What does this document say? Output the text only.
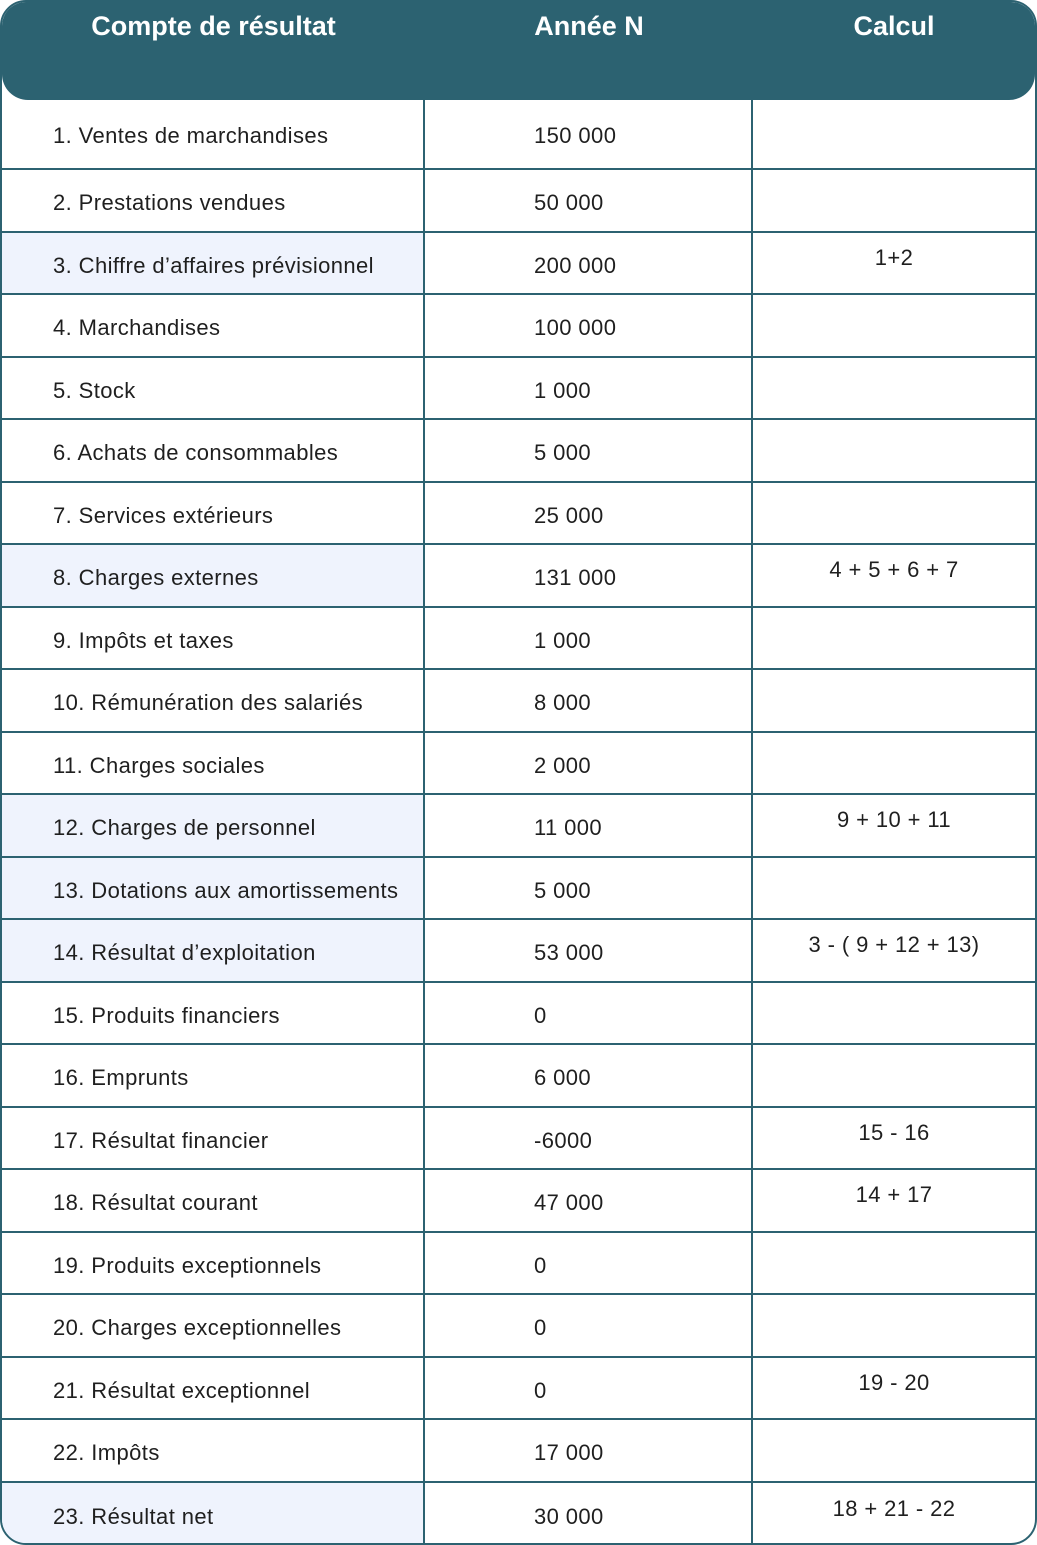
Compte de résultat	Année N	Calcul
1. Ventes de marchandises	150 000
2. Prestations vendues	50 000
3. Chiffre d’affaires prévisionnel	200 000	1+2
4. Marchandises	100 000
5. Stock	1 000
6. Achats de consommables	5 000
7. Services extérieurs	25 000
8. Charges externes	131 000	4 + 5 + 6 + 7
9. Impôts et taxes	1 000
10. Rémunération des salariés	8 000
11. Charges sociales	2 000
12. Charges de personnel	11 000	9 + 10 + 11
13. Dotations aux amortissements	5 000
14. Résultat d’exploitation	53 000	3 - ( 9 + 12 + 13)
15. Produits financiers	0
16. Emprunts	6 000
17. Résultat financier	-6000	15 - 16
18. Résultat courant	47 000	14 + 17
19. Produits exceptionnels	0
20. Charges exceptionnelles	0
21. Résultat exceptionnel	0	19 - 20
22. Impôts	17 000
23. Résultat net	30 000	18 + 21 - 22
